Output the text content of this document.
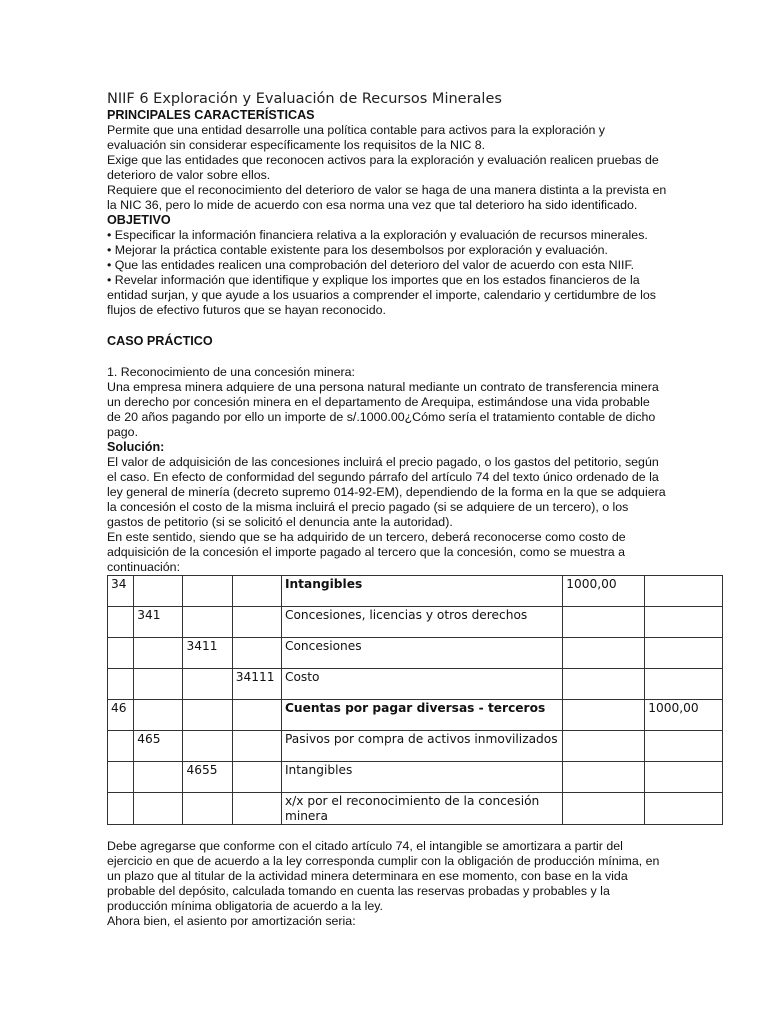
NIIF 6 Exploración y Evaluación de Recursos Minerales

PRINCIPALES CARACTERÍSTICAS

Permite que una entidad desarrolle una política contable para activos para la exploración y evaluación sin considerar específicamente los requisitos de la NIC 8.

Exige que las entidades que reconocen activos para la exploración y evaluación realicen pruebas de deterioro de valor sobre ellos.

Requiere que el reconocimiento del deterioro de valor se haga de una manera distinta a la prevista en la NIC 36, pero lo mide de acuerdo con esa norma una vez que tal deterioro ha sido identificado.

OBJETIVO

• Especificar la información financiera relativa a la exploración y evaluación de recursos minerales.

• Mejorar la práctica contable existente para los desembolsos por exploración y evaluación.

• Que las entidades realicen una comprobación del deterioro del valor de acuerdo con esta NIIF.

• Revelar información que identifique y explique los importes que en los estados financieros de la entidad surjan, y que ayude a los usuarios a comprender el importe, calendario y certidumbre de los flujos de efectivo futuros que se hayan reconocido.

CASO PRÁCTICO

1. Reconocimiento de una concesión minera:

Una empresa minera adquiere de una persona natural mediante un contrato de transferencia minera un derecho por concesión minera en el departamento de Arequipa, estimándose una vida probable de 20 años pagando por ello un importe de s/.1000.00¿Cómo sería el tratamiento contable de dicho pago.

Solución:

El valor de adquisición de las concesiones incluirá el precio pagado, o los gastos del petitorio, según el caso. En efecto de conformidad del segundo párrafo del artículo 74 del texto único ordenado de la ley general de minería (decreto supremo 014-92-EM), dependiendo de la forma en la que se adquiera la concesión el costo de la misma incluirá el precio pagado (si se adquiere de un tercero), o los gastos de petitorio (si se solicitó el denuncia ante la autoridad).

En este sentido, siendo que se ha adquirido de un tercero, deberá reconocerse como costo de adquisición de la concesión el importe pagado al tercero que la concesión, como se muestra a continuación:

34				Intangibles	1000,00	
	341			Concesiones, licencias y otros derechos		
		3411		Concesiones		
			34111	Costo		
46				Cuentas por pagar diversas - terceros		1000,00
	465			Pasivos por compra de activos inmovilizados		
		4655		Intangibles		
				x/x por el reconocimiento de la concesión minera		

Debe agregarse que conforme con el citado artículo 74, el intangible se amortizara a partir del ejercicio en que de acuerdo a la ley corresponda cumplir con la obligación de producción mínima, en un plazo que al titular de la actividad minera determinara en ese momento, con base en la vida probable del depósito, calculada tomando en cuenta las reservas probadas y probables y la producción mínima obligatoria de acuerdo a la ley.

Ahora bien, el asiento por amortización seria:
